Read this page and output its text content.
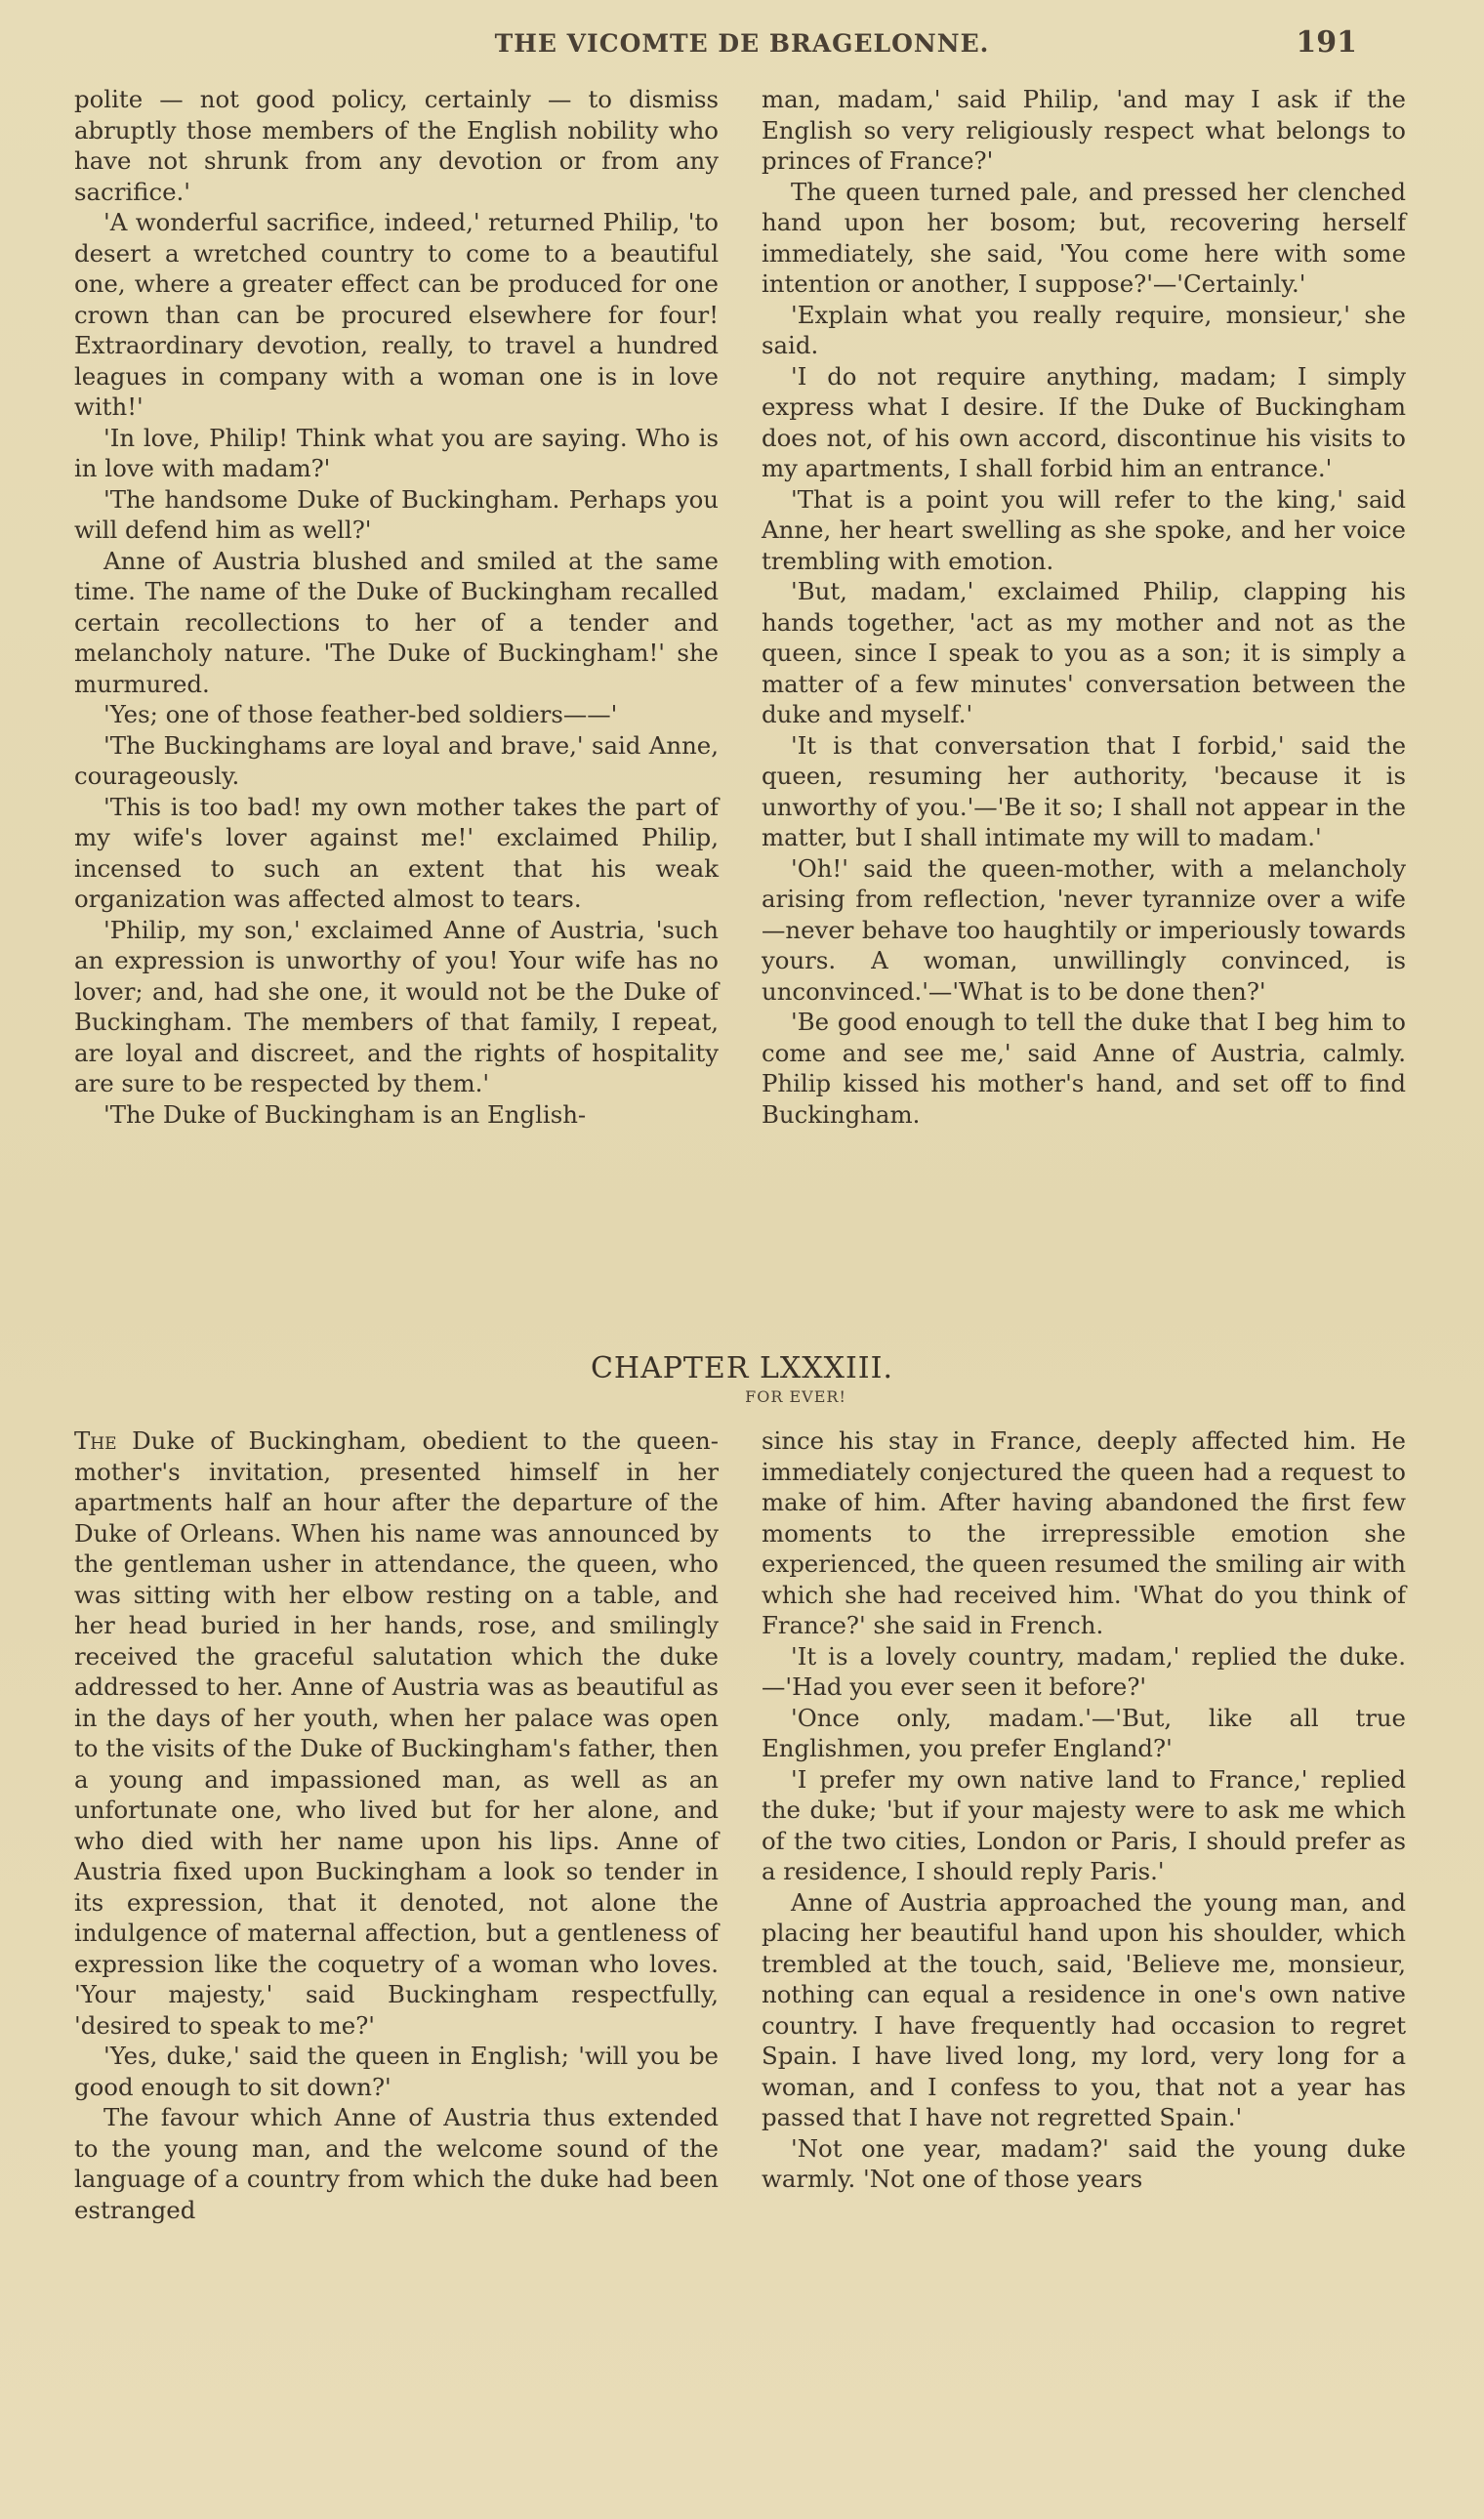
THE VICOMTE DE BRAGELONNE.	191

polite — not good policy, certainly — to dismiss abruptly those members of the English nobility who have not shrunk from any devotion or from any sacrifice.'

'A wonderful sacrifice, indeed,' returned Philip, 'to desert a wretched country to come to a beautiful one, where a greater effect can be produced for one crown than can be procured elsewhere for four! Extraordinary devotion, really, to travel a hundred leagues in company with a woman one is in love with!'

'In love, Philip! Think what you are saying. Who is in love with madam?'

'The handsome Duke of Buckingham. Perhaps you will defend him as well?'

Anne of Austria blushed and smiled at the same time. The name of the Duke of Buckingham recalled certain recollections to her of a tender and melancholy nature. 'The Duke of Buckingham!' she murmured.

'Yes; one of those feather-bed soldiers——'

'The Buckinghams are loyal and brave,' said Anne, courageously.

'This is too bad! my own mother takes the part of my wife's lover against me!' exclaimed Philip, incensed to such an extent that his weak organization was affected almost to tears.

'Philip, my son,' exclaimed Anne of Austria, 'such an expression is unworthy of you! Your wife has no lover; and, had she one, it would not be the Duke of Buckingham. The members of that family, I repeat, are loyal and discreet, and the rights of hospitality are sure to be respected by them.'

'The Duke of Buckingham is an English-

man, madam,' said Philip, 'and may I ask if the English so very religiously respect what belongs to princes of France?'

The queen turned pale, and pressed her clenched hand upon her bosom; but, recovering herself immediately, she said, 'You come here with some intention or another, I suppose?'—'Certainly.'

'Explain what you really require, monsieur,' she said.

'I do not require anything, madam; I simply express what I desire. If the Duke of Buckingham does not, of his own accord, discontinue his visits to my apartments, I shall forbid him an entrance.'

'That is a point you will refer to the king,' said Anne, her heart swelling as she spoke, and her voice trembling with emotion.

'But, madam,' exclaimed Philip, clapping his hands together, 'act as my mother and not as the queen, since I speak to you as a son; it is simply a matter of a few minutes' conversation between the duke and myself.'

'It is that conversation that I forbid,' said the queen, resuming her authority, 'because it is unworthy of you.'—'Be it so; I shall not appear in the matter, but I shall intimate my will to madam.'

'Oh!' said the queen-mother, with a melancholy arising from reflection, 'never tyrannize over a wife—never behave too haughtily or imperiously towards yours. A woman, unwillingly convinced, is unconvinced.'—'What is to be done then?'

'Be good enough to tell the duke that I beg him to come and see me,' said Anne of Austria, calmly. Philip kissed his mother's hand, and set off to find Buckingham.

CHAPTER LXXXIII.
FOR EVER!

The Duke of Buckingham, obedient to the queen-mother's invitation, presented himself in her apartments half an hour after the departure of the Duke of Orleans. When his name was announced by the gentleman usher in attendance, the queen, who was sitting with her elbow resting on a table, and her head buried in her hands, rose, and smilingly received the graceful salutation which the duke addressed to her. Anne of Austria was as beautiful as in the days of her youth, when her palace was open to the visits of the Duke of Buckingham's father, then a young and impassioned man, as well as an unfortunate one, who lived but for her alone, and who died with her name upon his lips. Anne of Austria fixed upon Buckingham a look so tender in its expression, that it denoted, not alone the indulgence of maternal affection, but a gentleness of expression like the coquetry of a woman who loves. 'Your majesty,' said Buckingham respectfully, 'desired to speak to me?'

'Yes, duke,' said the queen in English; 'will you be good enough to sit down?'

The favour which Anne of Austria thus extended to the young man, and the welcome sound of the language of a country from which the duke had been estranged

since his stay in France, deeply affected him. He immediately conjectured the queen had a request to make of him. After having abandoned the first few moments to the irrepressible emotion she experienced, the queen resumed the smiling air with which she had received him. 'What do you think of France?' she said in French.

'It is a lovely country, madam,' replied the duke.—'Had you ever seen it before?'

'Once only, madam.'—'But, like all true Englishmen, you prefer England?'

'I prefer my own native land to France,' replied the duke; 'but if your majesty were to ask me which of the two cities, London or Paris, I should prefer as a residence, I should reply Paris.'

Anne of Austria approached the young man, and placing her beautiful hand upon his shoulder, which trembled at the touch, said, 'Believe me, monsieur, nothing can equal a residence in one's own native country. I have frequently had occasion to regret Spain. I have lived long, my lord, very long for a woman, and I confess to you, that not a year has passed that I have not regretted Spain.'

'Not one year, madam?' said the young duke warmly. 'Not one of those years
